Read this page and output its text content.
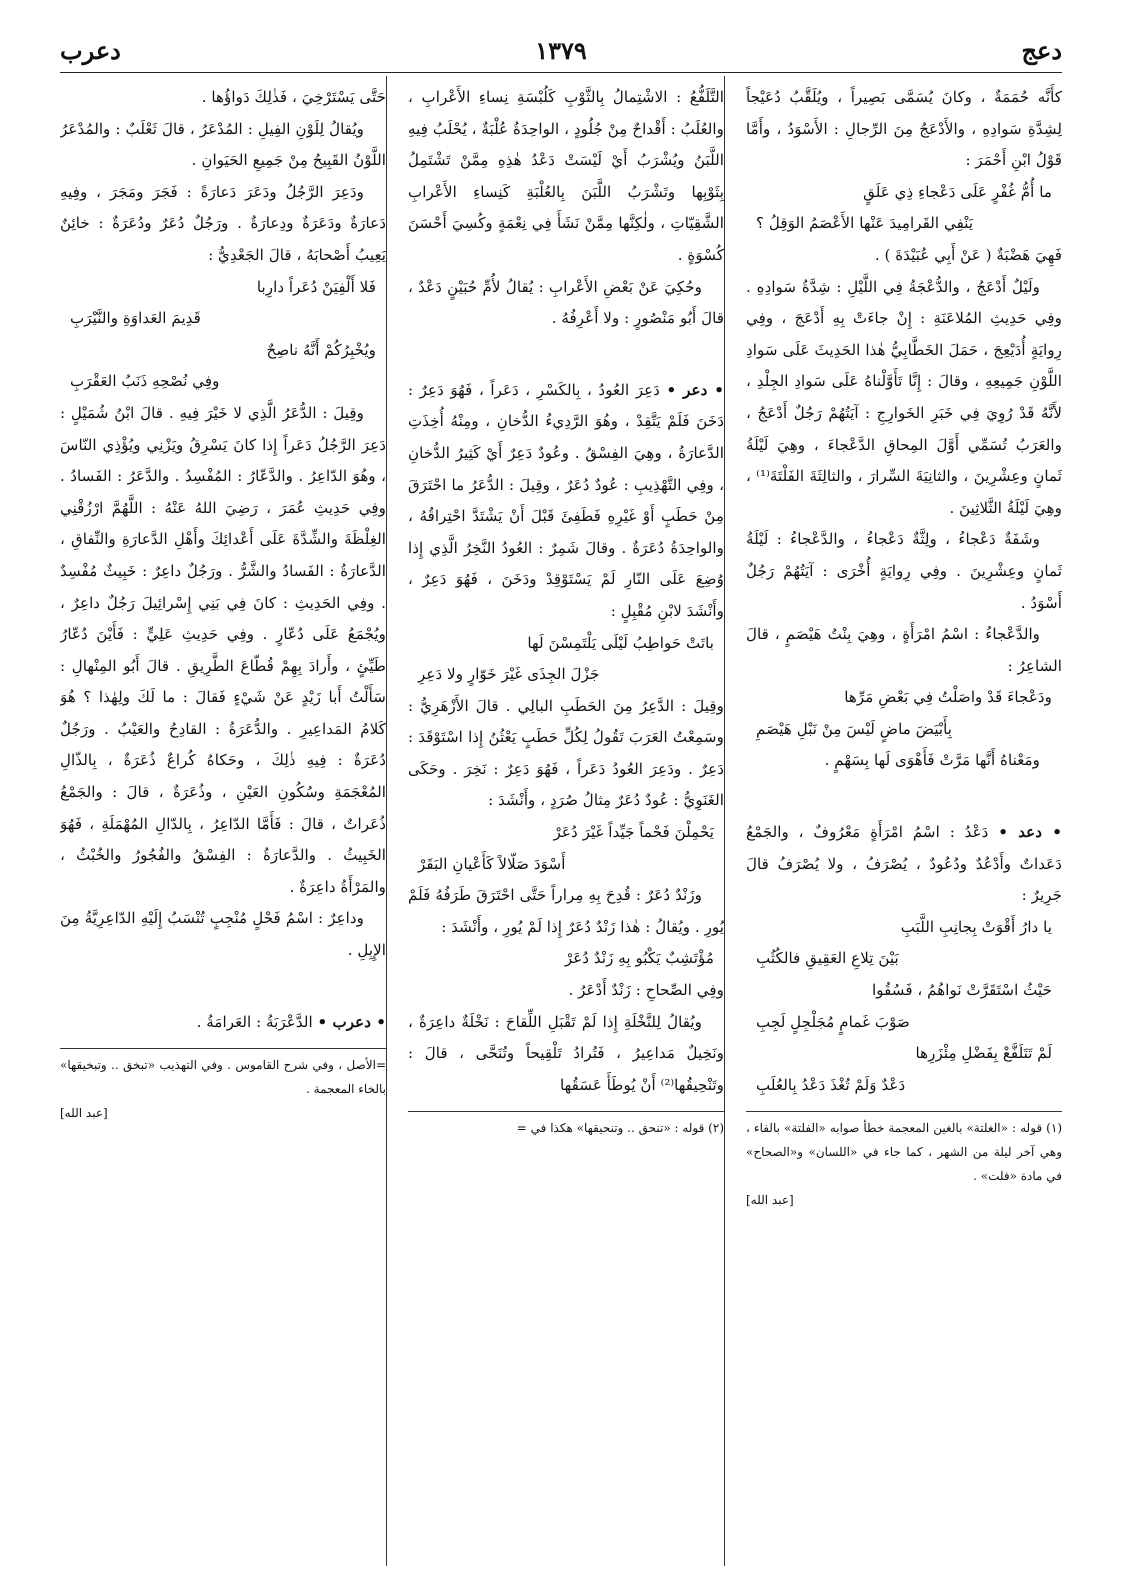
دعج
١٣٧٩
دعرب

كأَنَّه حُمَمَةٌ ، وكانَ يُسَمَّى بَصِيراً ، ويُلَقَّبُ دُعَيْجاً لِشِدَّةِ سَوادِهِ ، والأَدْعَجُ مِنَ الرِّجالِ : الأَسْوَدُ ، وأَمَّا قَوْلُ ابْنِ أَحْمَرَ :

ما أُمُّ غُفْرٍ عَلَى دَعْجاءِ ذِي عَلَقٍ
يَنْفِي القَرامِيدَ عَنْها الأَعْصَمُ الوَقِلُ ؟

فَهِيَ هَضْبَةٌ ( عَنْ أَبِي عُبَيْدَةَ ) .

ولَيْلٌ أَدْعَجُ ، والدُّعْجَةُ فِي اللَّيْلِ : شِدَّةُ سَوادِهِ . وفِي حَدِيثِ المُلاعَنَةِ : إِنْ جاءَتْ بِهِ أَدْعَجَ ، وفِي رِوايَةٍ أُدَيْعِجَ ، حَمَلَ الخَطَّابِيُّ هٰذا الحَدِيثَ عَلَى سَوادِ اللَّوْنِ جَمِيعِهِ ، وقالَ : إِنَّا تَأَوَّلْناهُ عَلَى سَوادِ الجِلْدِ ، لأَنَّهُ قَدْ رُوِيَ فِي خَبَرِ الخَوارِجِ : آيَتُهُمْ رَجُلٌ أَدْعَجُ ، والعَرَبُ تُسَمِّي أَوَّلَ المِحاقِ الدَّعْجاءَ ، وهِيَ لَيْلَةُ ثَمانٍ وعِشْرِينَ ، والثانِيَةَ السِّرارَ ، والثالِثَةَ الفَلْتَةَ⁽¹⁾ ، وهِيَ لَيْلَةُ الثَّلاثِينَ .

وشَفَةٌ دَعْجاءُ ، ولِثَّةٌ دَعْجاءُ ، والدَّعْجاءُ : لَيْلَةُ ثَمانٍ وعِشْرِينَ . وفِي رِوايَةٍ أُخْرَى : آيَتُهُمْ رَجُلٌ أَسْوَدُ .

والدَّعْجاءُ : اسْمُ امْرَأَةٍ ، وهِيَ بِنْتُ هَيْصَمٍ ، قالَ الشاعِرُ :

ودَعْجاءَ قَدْ واصَلْتُ فِي بَعْضِ مَرِّها
بِأَبْيَضَ ماضٍ لَيْسَ مِنْ نَبْلِ هَيْصَمِ

ومَعْناهُ أَنَّها مَرَّتْ فَأَهْوَى لَها بِسَهْمٍ .

• دعد • دَعْدُ : اسْمُ امْرَأَةٍ مَعْرُوفٌ ، والجَمْعُ دَعَداتٌ وأَدْعُدٌ ودُعُودٌ ، يُصْرَفُ ، ولا يُصْرَفُ قالَ جَرِيرٌ :

يا دارُ أَقْوَتْ بِجانِبِ اللَّبَبِ
بَيْنَ تِلاعِ العَقِيقِ فالكُثُبِ
حَيْثُ اسْتَقَرَّتْ نَواهُمُ ، فَسُقُوا
صَوْبَ غَمامٍ مُجَلْجِلٍ لَجِبِ
لَمْ تَتَلَفَّعْ بِفَضْلِ مِئْزَرِها
دَعْدٌ وَلَمْ تُغْذَ دَعْدُ بِالعُلَبِ
(١) قوله : «الغلتة» بالغين المعجمة خطأ صوابه «الفلتة» بالفاء ، وهي آخر ليلة من الشهر ، كما جاء في «اللسان» و«الصحاح» في مادة «فلت» .
[عبد الله]

التَّلَفُّعُ : الاشْتِمالُ بِالثَّوْبِ كَلُبْسَةِ نِساءِ الأَعْرابِ ، والعُلَبُ : أَقْداحٌ مِنْ جُلُودٍ ، الواحِدَةُ عُلْبَةٌ ، يُحْلَبُ فِيهِ اللَّبَنُ ويُشْرَبُ أَيْ لَيْسَتْ دَعْدُ هٰذِهِ مِمَّنْ تَشْتَمِلُ بِثَوْبِها وتَشْرَبُ اللَّبَنَ بِالعُلْبَةِ كَنِساءِ الأَعْرابِ الشَّقِيّاتِ ، ولٰكِنَّها مِمَّنْ نَشَأَ فِي نِعْمَةٍ وكُسِيَ أَحْسَنَ كُسْوَةٍ .

وحُكِيَ عَنْ بَعْضِ الأَعْرابِ : يُقالُ لأُمِّ حُبَيْنٍ دَعْدٌ ، قالَ أَبُو مَنْصُورٍ : ولا أَعْرِفُهُ .

• دعر • دَعِرَ العُودُ ، بِالكَسْرِ ، دَعَراً ، فَهُوَ دَعِرٌ : دَخَنَ فَلَمْ يَتَّقِدْ ، وهُوَ الرَّدِيءُ الدُّخانِ ، ومِنْهُ أُخِذَتِ الدَّعارَةُ ، وهِيَ الفِسْقُ . وعُودٌ دَعِرٌ أَيْ كَثِيرُ الدُّخانِ ، وفِي التَّهْذِيبِ : عُودٌ دُعَرٌ ، وقِيلَ : الدُّعَرُ ما احْتَرَقَ مِنْ حَطَبٍ أَوْ غَيْرِهِ فَطَفِئَ قَبْلَ أَنْ يَشْتَدَّ احْتِراقُهُ ، والواحِدَةُ دُعَرَةٌ . وقالَ شَمِرٌ : العُودُ النَّخِرُ الَّذِي إِذا وُضِعَ عَلَى النّارِ لَمْ يَسْتَوْقِدْ ودَخَنَ ، فَهُوَ دَعِرٌ ، وأَنْشَدَ لابْنِ مُقْبِلٍ :

باتَتْ حَواطِبُ لَيْلَى يَلْتَمِسْنَ لَها
جَزْلَ الجِذَى غَيْرَ خَوّارٍ ولا دَعِرِ

وقِيلَ : الدَّعِرُ مِنَ الحَطَبِ البالِي . قالَ الأَزْهَرِيُّ : وسَمِعْتُ العَرَبَ تَقُولُ لِكُلِّ حَطَبٍ يَعْثُنُ إِذا اسْتَوْقَدَ : دَعِرٌ . ودَعِرَ العُودُ دَعَراً ، فَهُوَ دَعِرٌ : نَخِرَ . وحَكَى الغَنَوِيُّ : عُودٌ دُعَرٌ مِثالُ صُرَدٍ ، وأَنْشَدَ :

يَحْمِلْنَ فَحْماً جَيِّداً غَيْرَ دُعَرْ
أَسْوَدَ صَلّالاً كَأَعْيانِ البَقَرْ

وزَنْدٌ دُعَرٌ : قُدِحَ بِهِ مِراراً حَتَّى احْتَرَقَ طَرَفُهُ فَلَمْ يُورِ . ويُقالُ : هٰذا زَنْدٌ دُعَرٌ إِذا لَمْ يُورِ ، وأَنْشَدَ :

مُؤْتَشِبٌ يَكْبُو بِهِ زَنْدٌ دُعَرْ

وفِي الصِّحاحِ : زَنْدٌ أَدْعَرُ .

ويُقالُ لِلنَّخْلَةِ إِذا لَمْ تَقْبَلِ اللِّقاحَ : نَخْلَةٌ داعِرَةٌ ، ونَخِيلٌ مَداعِيرُ ، فَتُرادُ تَلْقِيحاً وتُنَحَّى ، قالَ : وتَنْحِيقُها⁽²⁾ أَنْ يُوطَأَ عَسَقُها

(٢) قوله : «تنحق .. وتنحيقها» هكذا في =

حَتَّى يَسْتَرْخِيَ ، فَذٰلِكَ دَواؤُها .

ويُقالُ لِلَوْنِ الفِيلِ : المُدْعَرُ ، قالَ ثَعْلَبٌ : والمُدْعَرُ اللَّوْنُ القَبِيحُ مِنْ جَمِيعِ الحَيَوانِ .

ودَعِرَ الرَّجُلُ ودَعَرَ دَعارَةً : فَجَرَ ومَجَرَ ، وفِيهِ دَعارَةٌ ودَعَرَةٌ ودِعارَةٌ . ورَجُلٌ دُعَرٌ ودُعَرَةٌ : خائِنٌ يَعِيبُ أَصْحابَهُ ، قالَ الجَعْدِيُّ :

فَلا أَلْفِيَنْ دُعَراً دارِبا
قَدِيمَ العَداوَةِ والنَّيْرَبِ
ويُخْبِرُكُمْ أَنَّهُ ناصِحٌ
وفِي نُصْحِهِ ذَنَبُ العَقْرَبِ

وقِيلَ : الدُّعَرُ الَّذِي لا خَيْرَ فِيهِ . قالَ ابْنُ شُمَيْلٍ : دَعِرَ الرَّجُلُ دَعَراً إِذا كانَ يَسْرِقُ ويَزْنِي ويُؤْذِي النّاسَ ، وهُوَ الدّاعِرُ . والدَّعّارُ : المُفْسِدُ . والدَّعَرُ : الفَسادُ . وفِي حَدِيثِ عُمَرَ ، رَضِيَ اللهُ عَنْهُ : اللَّهُمَّ ارْزُقْنِي الغِلْظَةَ والشِّدَّةَ عَلَى أَعْدائِكَ وأَهْلِ الدَّعارَةِ والنِّفاقِ ، الدَّعارَةُ : الفَسادُ والشَّرُّ . ورَجُلٌ داعِرٌ : خَبِيثٌ مُفْسِدٌ . وفِي الحَدِيثِ : كانَ فِي بَنِي إِسْرائِيلَ رَجُلٌ داعِرٌ ، ويُجْمَعُ عَلَى دُعّارٍ . وفِي حَدِيثِ عَلِيٍّ : فَأَيْنَ دُعّارُ طَيِّئٍ ، وأَرادَ بِهِمْ قُطّاعَ الطَّرِيقِ . قالَ أَبُو المِنْهالِ : سَأَلْتُ أَبا زَيْدٍ عَنْ شَيْءٍ فَقالَ : ما لَكَ ولِهٰذا ؟ هُوَ كَلامُ المَداعِيرِ . والدُّعَرَةُ : القادِحُ والعَيْبُ . ورَجُلٌ دُعَرَةٌ : فِيهِ ذٰلِكَ ، وحَكاهُ كُراعٌ ذُعَرَةٌ ، بِالذّالِ المُعْجَمَةِ وسُكُونِ العَيْنِ ، وذُعَرَةٌ ، قالَ : والجَمْعُ ذُعَراتٌ ، قالَ : فَأَمَّا الدّاعِرُ ، بِالدّالِ المُهْمَلَةِ ، فَهُوَ الخَبِيثُ . والدَّعارَةُ : الفِسْقُ والفُجُورُ والخُبْثُ ، والمَرْأَةُ داعِرَةٌ .

وداعِرٌ : اسْمُ فَحْلٍ مُنْجِبٍ تُنْسَبُ إِلَيْهِ الدّاعِرِيَّةُ مِنَ الإِبِلِ .

• دعرب • الدَّعْرَبَةُ : العَرامَةُ .

=الأصل ، وفي شرح القاموس . وفي التهذيب «تبخق .. وتبخيقها» بالخاء المعجمة .
[عبد الله]
